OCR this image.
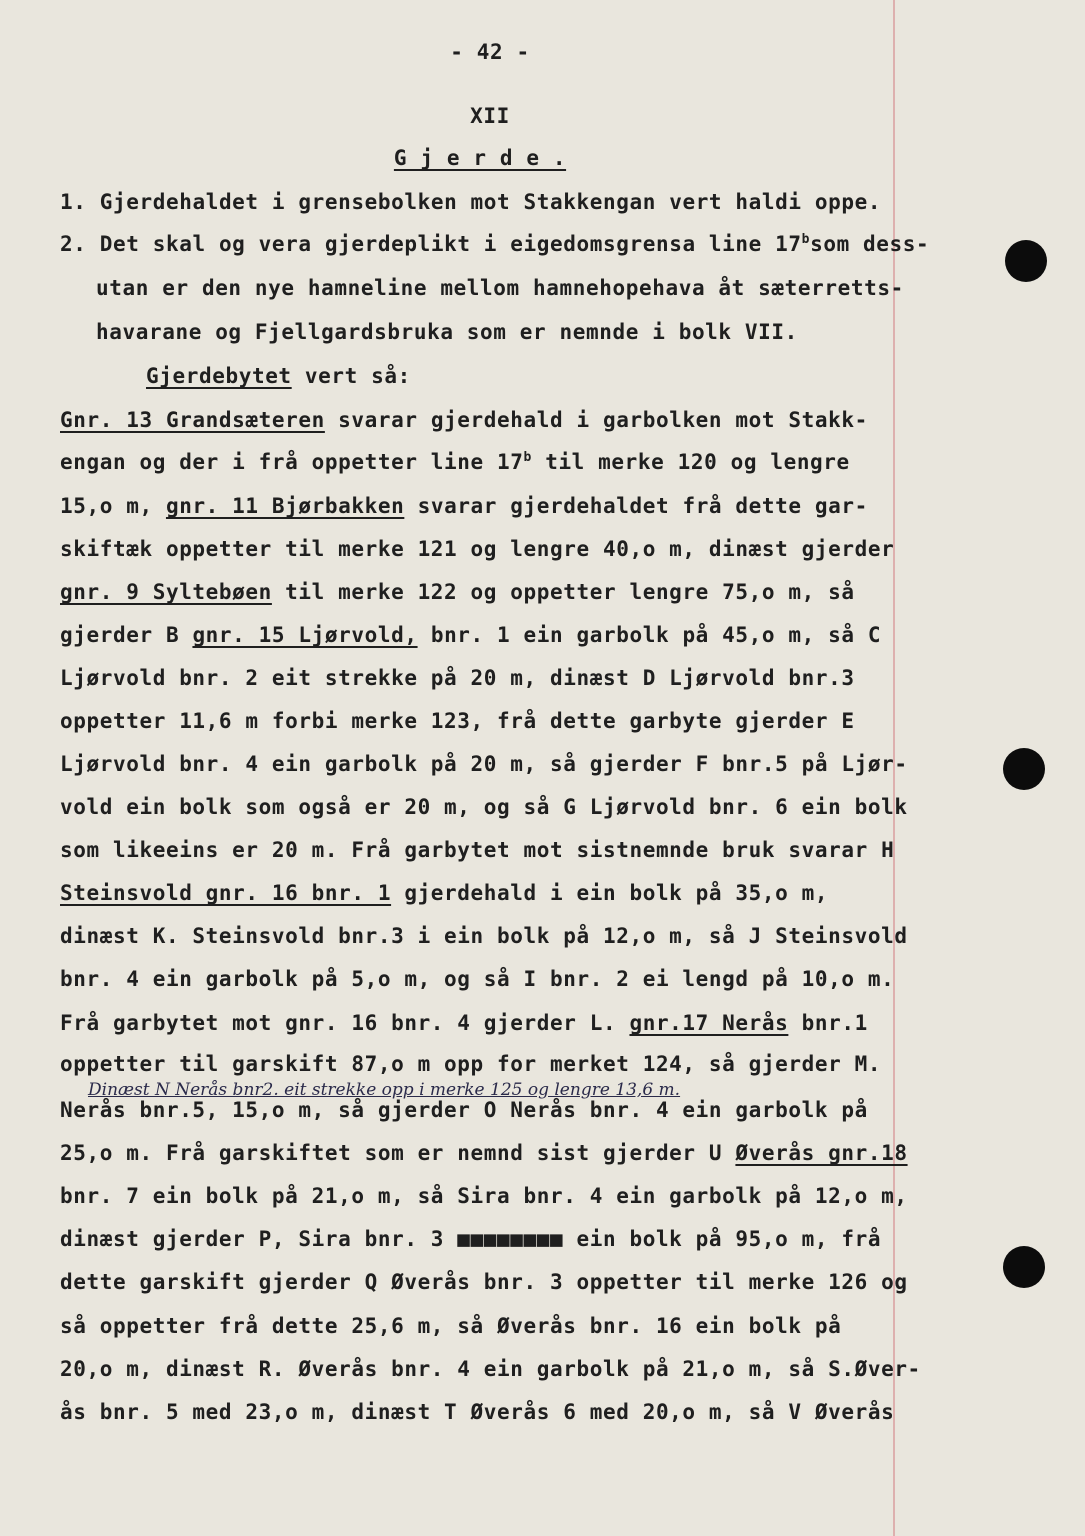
- 42 -
XII
G j e r d e .
1. Gjerdehaldet i grensebolken mot Stakkengan vert haldi oppe.
2. Det skal og vera gjerdeplikt i eigedomsgrensa line 17$^b$som dess-
utan er den nye hamneline mellom hamnehopehava åt sæterretts-
havarane og Fjellgardsbruka som er nemnde i bolk VII.
Gjerdebytet vert så:
Gnr. 13 Grandsæteren svarar gjerdehald i garbolken mot Stakk-
engan og der i frå oppetter line 17$^b$ til merke 120 og lengre
15,o m, gnr. 11 Bjørbakken svarar gjerdehaldet frå dette gar-
skiftæk oppetter til merke 121 og lengre 40,o m, dinæst gjerder
gnr. 9 Syltebøen til merke 122 og oppetter lengre 75,o m, så
gjerder B gnr. 15 Ljørvold, bnr. 1 ein garbolk på 45,o m, så C
Ljørvold bnr. 2 eit strekke på 20 m, dinæst D Ljørvold bnr.3
oppetter 11,6 m forbi merke 123, frå dette garbyte gjerder E
Ljørvold bnr. 4 ein garbolk på 20 m, så gjerder F bnr.5 på Ljør-
vold ein bolk som også er 20 m, og så G Ljørvold bnr. 6 ein bolk
som likeeins er 20 m. Frå garbytet mot sistnemnde bruk svarar H
Steinsvold gnr. 16 bnr. 1 gjerdehald i ein bolk på 35,o m,
dinæst K. Steinsvold bnr.3 i ein bolk på 12,o m, så J Steinsvold
bnr. 4 ein garbolk på 5,o m, og så I bnr. 2 ei lengd på 10,o m.
Frå garbytet mot gnr. 16 bnr. 4 gjerder L. gnr.17 Nerås bnr.1
oppetter til garskift 87,o m opp for merket 124, så gjerder M.
Dinæst N Nerås bnr2. eit strekke opp i merke 125 og lengre 13,6 m.
Nerås bnr.5, 15,o m, så gjerder O Nerås bnr. 4 ein garbolk på
25,o m. Frå garskiftet som er nemnd sist gjerder U Øverås gnr.18
bnr. 7 ein bolk på 21,o m, så Sira bnr. 4 ein garbolk på 12,o m,
dinæst gjerder P, Sira bnr. 3 ■■■■■■■■ ein bolk på 95,o m, frå
dette garskift gjerder Q Øverås bnr. 3 oppetter til merke 126 og
så oppetter frå dette 25,6 m, så Øverås bnr. 16 ein bolk på
20,o m, dinæst R. Øverås bnr. 4 ein garbolk på 21,o m, så S.Øver-
ås bnr. 5 med 23,o m, dinæst T Øverås 6 med 20,o m, så V Øverås
